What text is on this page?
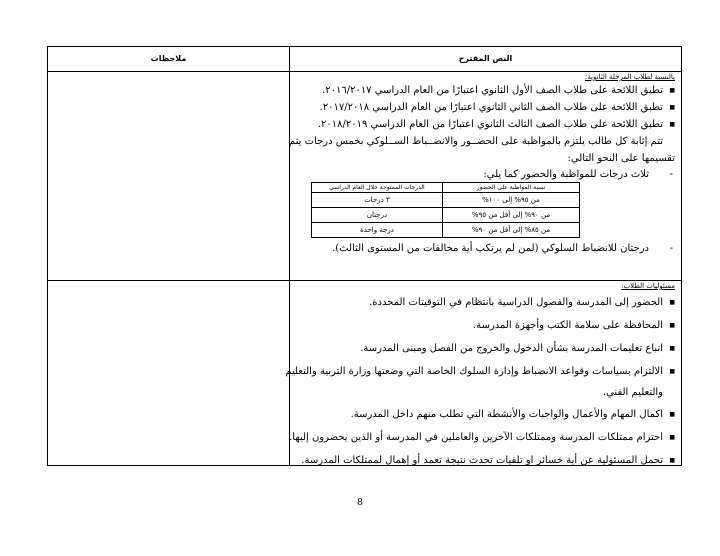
ملاحظات	النص المقترح
بالنسبة لطلاب المرحلة الثانوية:
■ تطبق اللائحة على طلاب الصف الأول الثانوي اعتبارًا من العام الدراسي ٢٠١٦/٢٠١٧.
■ تطبق اللائحة على طلاب الصف الثاني الثانوي اعتبارًا من العام الدراسي ٢٠١٧/٢٠١٨.
■ تطبق اللائحة على طلاب الصف الثالث الثانوي اعتبارًا من العام الدراسي ٢٠١٨/٢٠١٩.
تتم إثابة كل طالب يلتزم بالمواظبة على الحضــور والانضــباط الســلوكي بخمس درجات يتم
تقسيمها على النحو التالي:
- ثلاث درجات للمواظبة والحضور كما يلي:
نسبة المواظبة على الحضور	الدرجات الممنوحة خلال العام الدراسي
من ٩٥% إلى ١٠٠%	٣ درجات
من ٩٠% إلى أقل من ٩٥%	درجتان
من ٨٥% إلى أقل من ٩٠%	درجة واحدة
- درجتان للانضباط السلوكي (لمن لم يرتكب أية مخالفات من المستوى الثالث).
مسئوليات الطلاب:
■ الحضور إلى المدرسة والفصول الدراسية بانتظام في التوقيتات المحددة.
■ المحافظة على سلامة الكتب وأجهزة المدرسة.
■ اتباع تعليمات المدرسة بشأن الدخول والخروج من الفصل ومبنى المدرسة.
■ الالتزام بسياسات وقواعد الانضباط وإدارة السلوك الخاصة التي وضعتها وزارة التربية والتعليم
والتعليم الفني.
■ اكمال المهام والأعمال والواجبات والأنشطة التي تطلب منهم داخل المدرسة.
■ احترام ممتلكات المدرسة وممتلكات الآخرين والعاملين في المدرسة أو الذين يحضرون إليها.
■ تحمل المسئولية عن أية خسائر او تلفيات تحدث نتيجة تعمد أو إهمال لممتلكات المدرسة.
8
